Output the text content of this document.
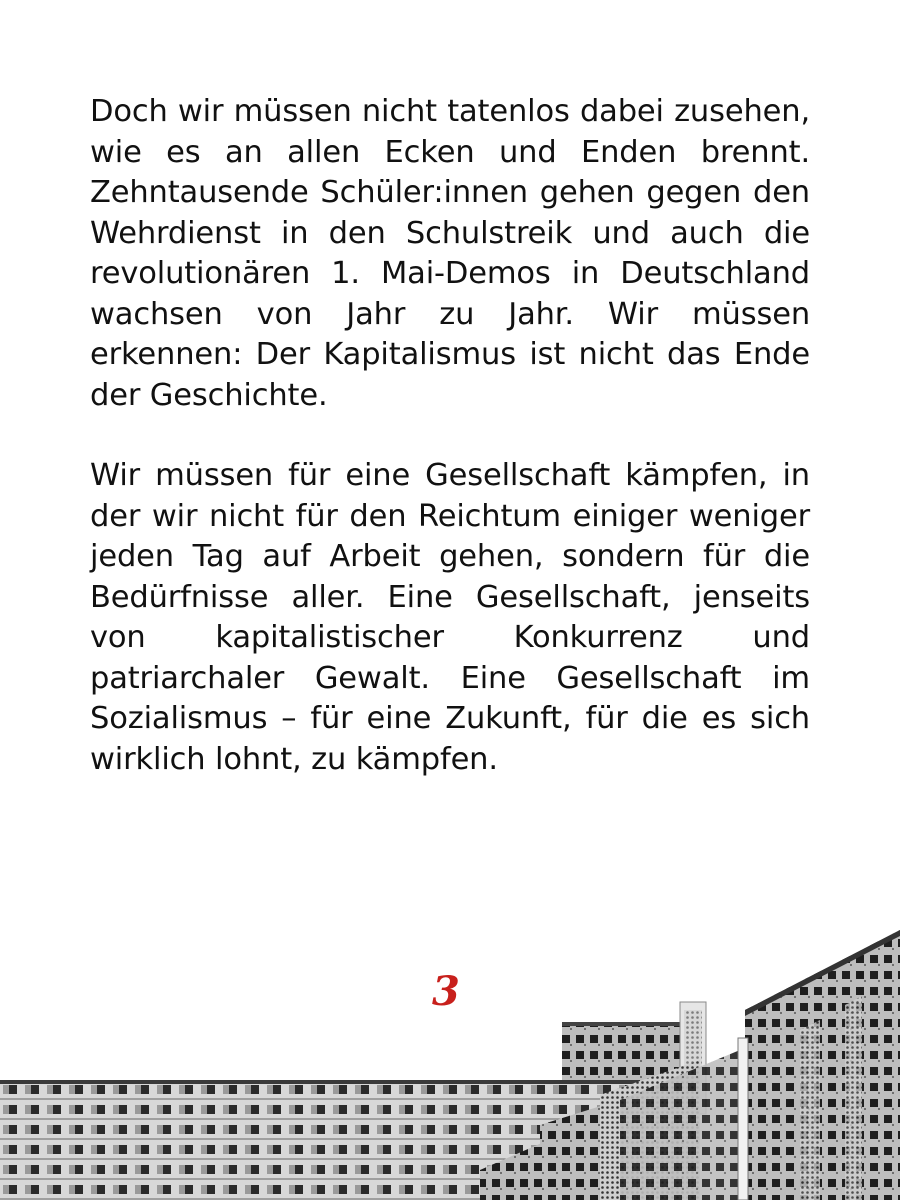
Doch wir müssen nicht tatenlos dabei zusehen, wie es an allen Ecken und Enden brennt. Zehntausende Schüler:innen gehen gegen den Wehrdienst in den Schulstreik und auch die revolutionären 1. Mai-Demos in Deutschland wachsen von Jahr zu Jahr. Wir müssen erkennen: Der Kapitalismus ist nicht das Ende der Geschichte.

Wir müssen für eine Gesellschaft kämpfen, in der wir nicht für den Reichtum einiger weniger jeden Tag auf Arbeit gehen, sondern für die Bedürfnisse aller. Eine Gesellschaft, jenseits von kapitalistischer Konkurrenz und patriarchaler Gewalt. Eine Gesellschaft im Sozialismus – für eine Zukunft, für die es sich wirklich lohnt, zu kämpfen.

3
